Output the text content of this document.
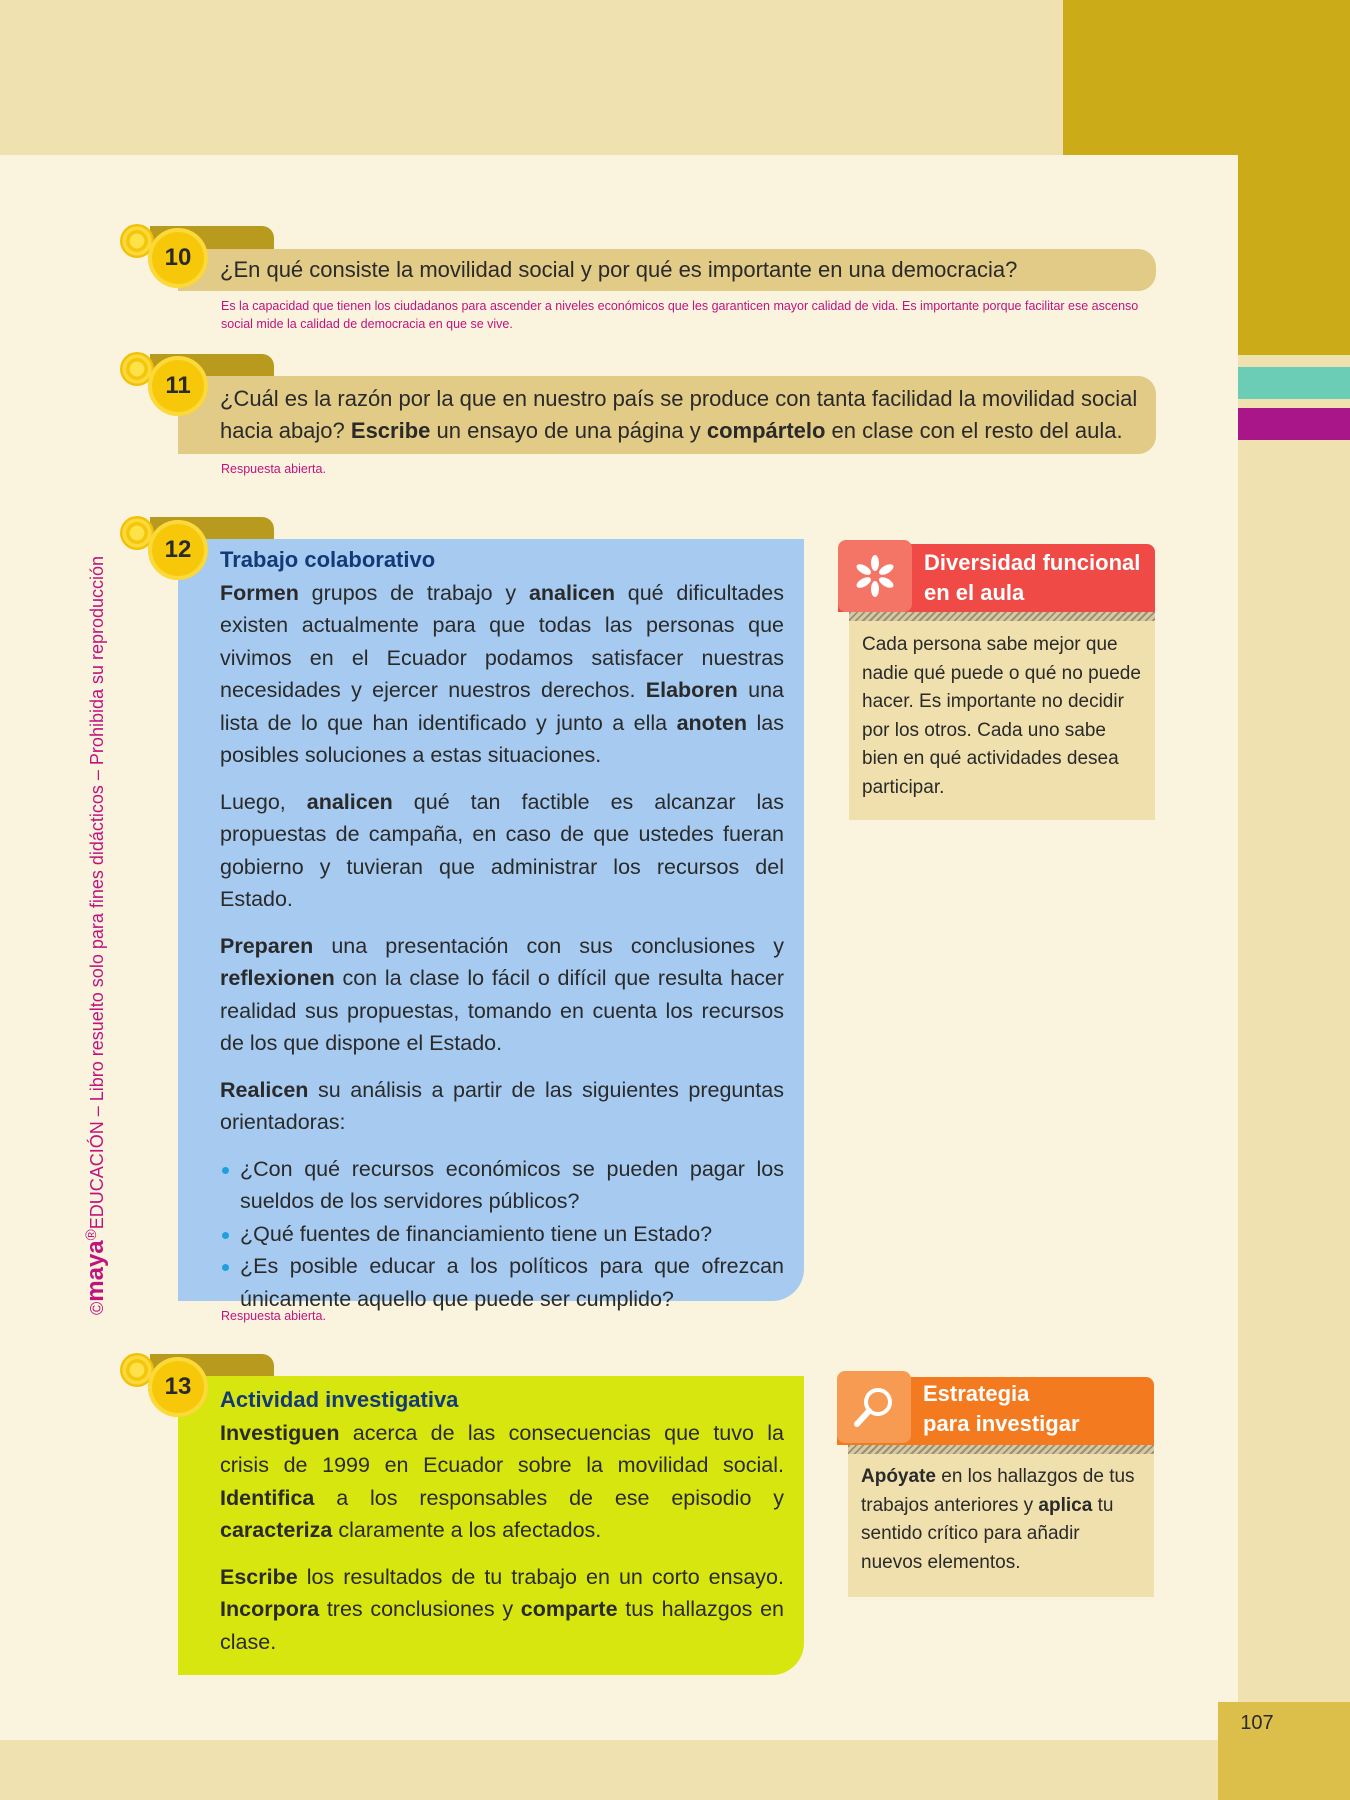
107
©maya®EDUCACIÓN – Libro resuelto solo para fines didácticos – Prohibida su reproducción
¿En qué consiste la movilidad social y por qué es importante en una democracia?
10
Es la capacidad que tienen los ciudadanos para ascender a niveles económicos que les garanticen mayor calidad de vida. Es importante porque facilitar ese ascenso social mide la calidad de democracia en que se vive.
¿Cuál es la razón por la que en nuestro país se produce con tanta facilidad la movilidad social hacia abajo? Escribe un ensayo de una página y compártelo en clase con el resto del aula.
11
Respuesta abierta.
12	Trabajo colaborativo

Formen grupos de trabajo y analicen qué dificultades existen actualmente para que todas las personas que vivimos en el Ecuador podamos satisfacer nuestras necesidades y ejercer nuestros derechos. Elaboren una lista de lo que han identificado y junto a ella anoten las posibles soluciones a estas situaciones.

Luego, analicen qué tan factible es alcanzar las propuestas de campaña, en caso de que ustedes fueran gobierno y tuvieran que administrar los recursos del Estado.

Preparen una presentación con sus conclusiones y reflexionen con la clase lo fácil o difícil que resulta hacer realidad sus propuestas, tomando en cuenta los recursos de los que dispone el Estado.

Realicen su análisis a partir de las siguientes preguntas orientadoras:

¿Con qué recursos económicos se pueden pagar los sueldos de los servidores públicos?
¿Qué fuentes de financiamiento tiene un Estado?
¿Es posible educar a los políticos para que ofrezcan únicamente aquello que puede ser cumplido?
Respuesta abierta.
Diversidad funcional
en el aula
Cada persona sabe mejor que nadie qué puede o qué no puede hacer. Es importante no decidir por los otros. Cada uno sabe bien en qué actividades desea participar.
13	Actividad investigativa

Investiguen acerca de las consecuencias que tuvo la crisis de 1999 en Ecuador sobre la movilidad social. Identifica a los responsables de ese episodio y caracteriza claramente a los afectados.

Escribe los resultados de tu trabajo en un corto ensayo. Incorpora tres conclusiones y comparte tus hallazgos en clase.

Estrategia
para investigar
Apóyate en los hallazgos de tus trabajos anteriores y aplica tu sentido crítico para añadir nuevos elementos.
